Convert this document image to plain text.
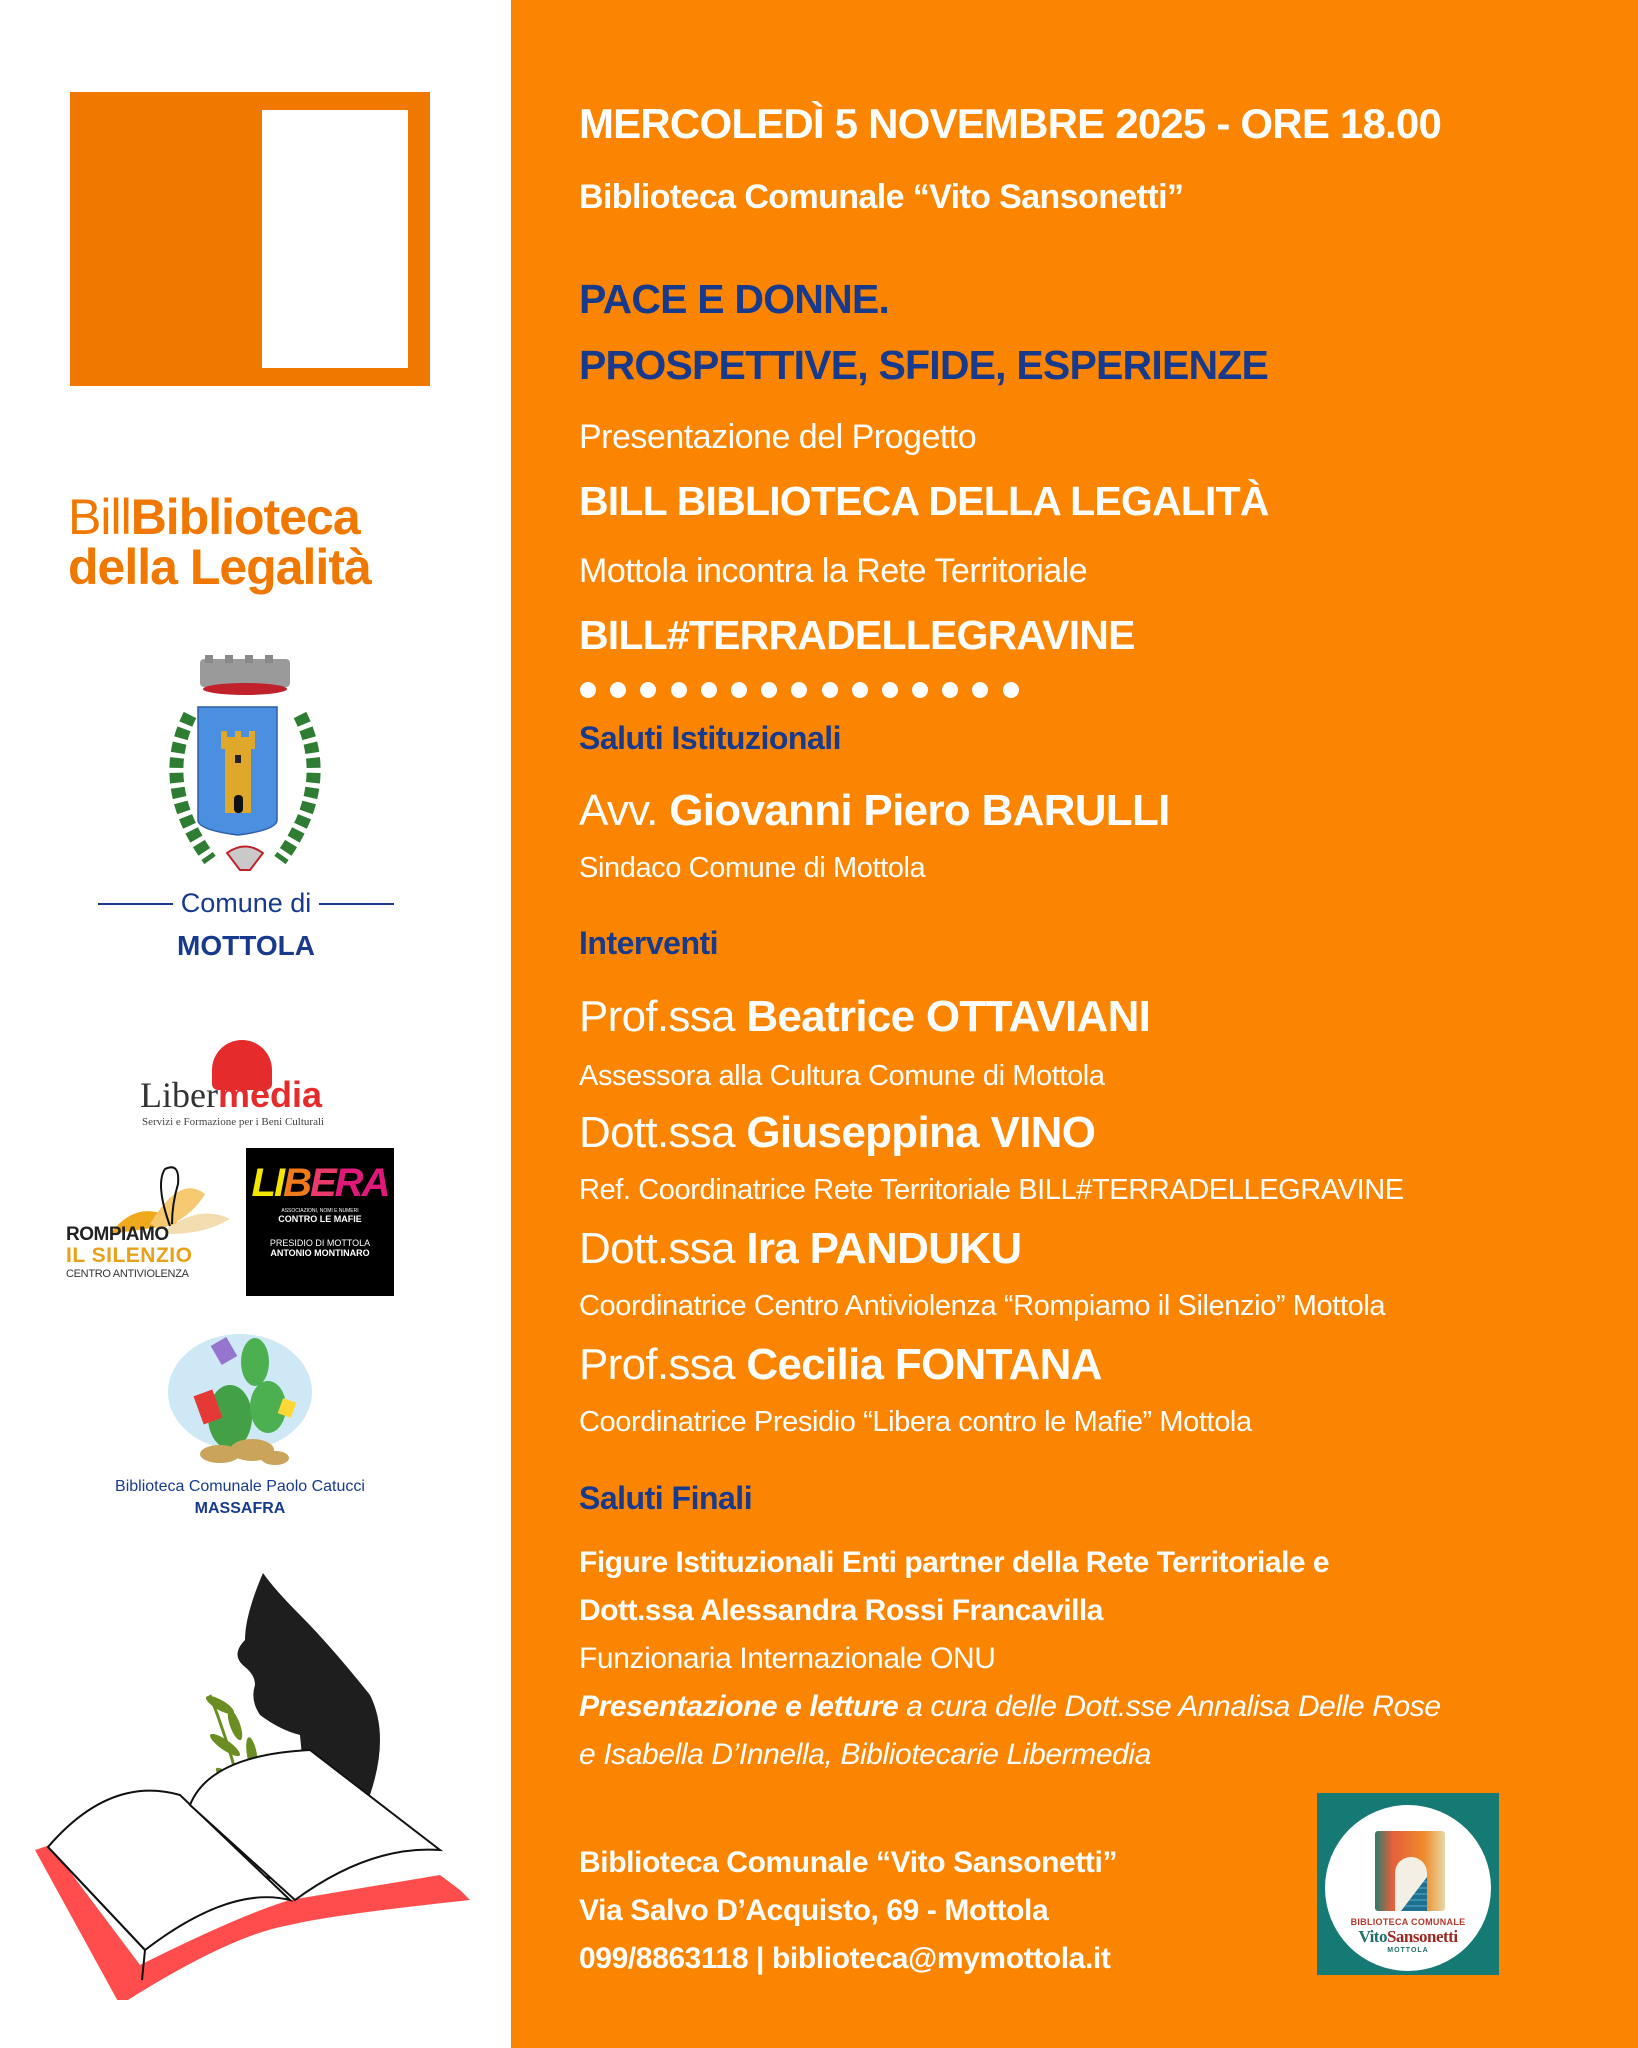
BillBiblioteca
della Legalità
Comune di
MOTTOLA
Libermedia
Servizi e Formazione per i Beni Culturali
ROMPIAMO
IL SILENZIO
CENTRO ANTIVIOLENZA
LIBERA
ASSOCIAZIONI, NOMI E NUMERI
CONTRO LE MAFIE
PRESIDIO DI MOTTOLA
ANTONIO MONTINARO
Biblioteca Comunale Paolo Catucci
MASSAFRA
MERCOLEDÌ 5 NOVEMBRE 2025 - ORE 18.00
Biblioteca Comunale “Vito Sansonetti”
PACE E DONNE.
PROSPETTIVE, SFIDE, ESPERIENZE
Presentazione del Progetto
BILL BIBLIOTECA DELLA LEGALITÀ
Mottola incontra la Rete Territoriale
BILL#TERRADELLEGRAVINE
Saluti Istituzionali
Avv. Giovanni Piero BARULLI
Sindaco Comune di Mottola
Interventi
Prof.ssa Beatrice OTTAVIANI
Assessora alla Cultura Comune di Mottola
Dott.ssa Giuseppina VINO
Ref. Coordinatrice Rete Territoriale BILL#TERRADELLEGRAVINE
Dott.ssa Ira PANDUKU
Coordinatrice Centro Antiviolenza “Rompiamo il Silenzio” Mottola
Prof.ssa Cecilia FONTANA
Coordinatrice Presidio “Libera contro le Mafie” Mottola
Saluti Finali
Figure Istituzionali Enti partner della Rete Territoriale e
Dott.ssa Alessandra Rossi Francavilla
Funzionaria Internazionale ONU
Presentazione e letture a cura delle Dott.sse Annalisa Delle Rose
e Isabella D’Innella, Bibliotecarie Libermedia
Biblioteca Comunale “Vito Sansonetti”
Via Salvo D’Acquisto, 69 - Mottola
099/8863118 | biblioteca@mymottola.it
BIBLIOTECA COMUNALE
VitoSansonetti
MOTTOLA
